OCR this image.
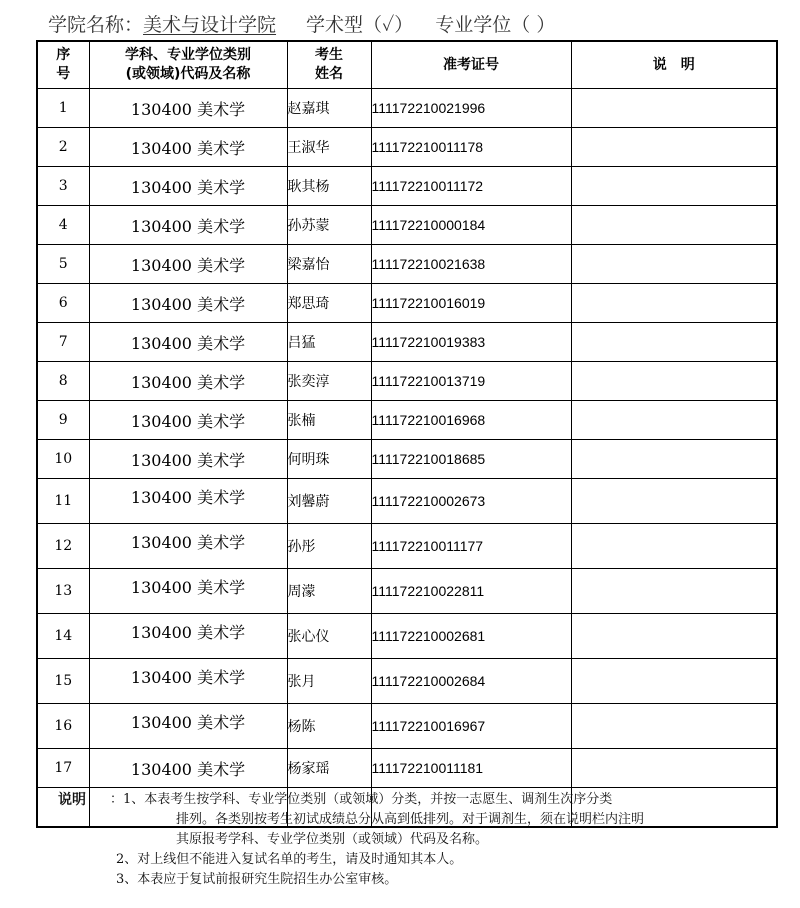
学院名称：美术与设计学院 学术型（✓） 专业学位（ ）
序
号	学科、专业学位类别
(或领域)代码及名称	考生
姓名	准考证号	说　明
1	130400 美术学	赵嘉琪	111172210021996	
2	130400 美术学	王淑华	111172210011178	
3	130400 美术学	耿其杨	111172210011172	
4	130400 美术学	孙苏蒙	111172210000184	
5	130400 美术学	梁嘉怡	111172210021638	
6	130400 美术学	郑思琦	111172210016019	
7	130400 美术学	吕猛	111172210019383	
8	130400 美术学	张奕淳	111172210013719	
9	130400 美术学	张楠	111172210016968	
10	130400 美术学	何明珠	111172210018685	
11	130400 美术学	刘馨蔚	111172210002673	
12	130400 美术学	孙彤	111172210011177	
13	130400 美术学	周濛	111172210022811	
14	130400 美术学	张心仪	111172210002681	
15	130400 美术学	张月	111172210002684	
16	130400 美术学	杨陈	111172210016967	
17	130400 美术学	杨家瑶	111172210011181	

说明 ：1、本表考生按学科、专业学位类别（或领域）分类，并按一志愿生、调剂生次序分类
排列。各类别按考生初试成绩总分从高到低排列。对于调剂生，须在说明栏内注明
其原报考学科、专业学位类别（或领域）代码及名称。
2、对上线但不能进入复试名单的考生，请及时通知其本人。
3、本表应于复试前报研究生院招生办公室审核。
